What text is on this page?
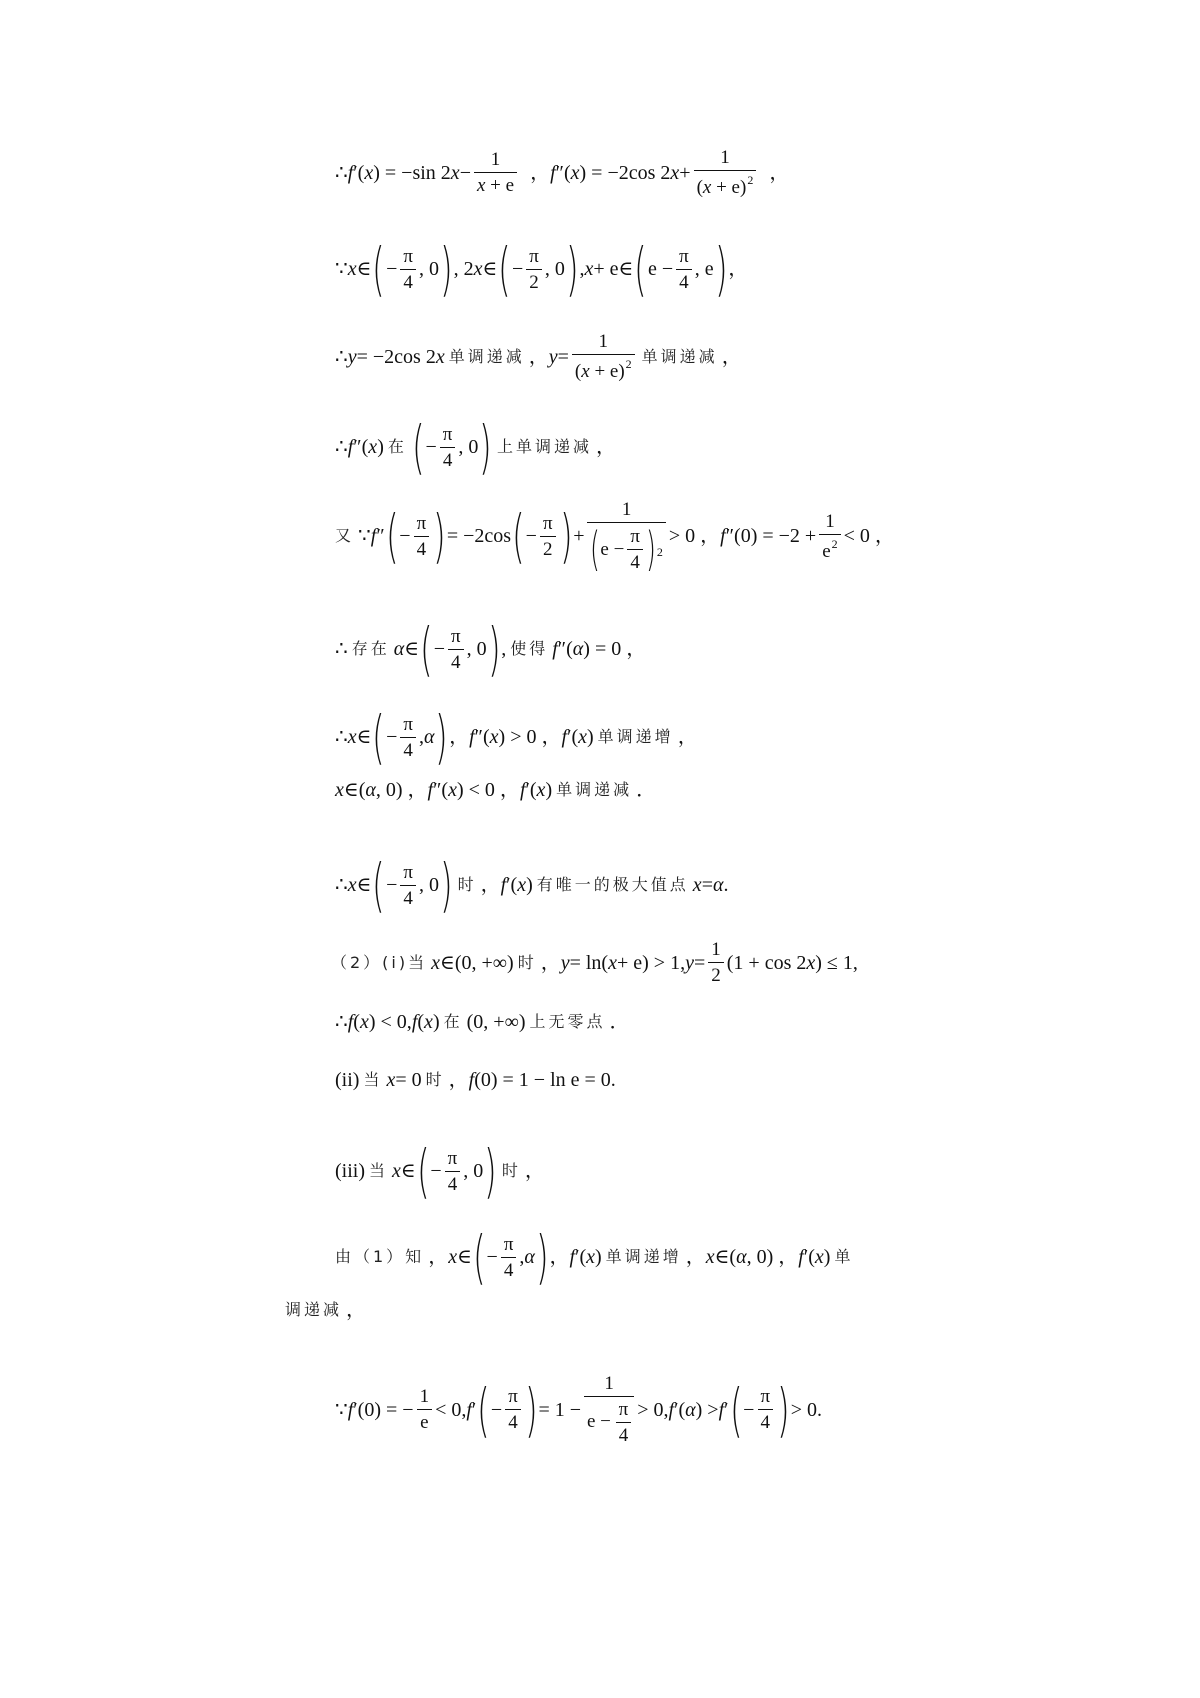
∴ f ′( x ) = −sin 2 $x - \frac{1}{x + e}$ ， f ″( x ) = −2cos 2 $x + \frac{1}{(x + e)^2}$ ，
∵ x ∈ ( − $\frac{\pi}{4}$ , 0 ) , 2 x ∈ ( − $\frac{\pi}{2}$ , 0 ) , x + e∈ ( $e - \frac{\pi}{4}$ , e ) ，
∴ y = −2cos 2 x 单调递减 ， $y = \frac{1}{(x + e)^2}$ 单调递减 ，
∴ f ″( x ) 在 ( − $\frac{\pi}{4}$ , 0 ) 上单调递减 ，
又 ∵ f ″ ( − $\frac{\pi}{4}$ ) = −2cos ( − $\frac{\pi}{2}$ ) + $\frac{1}{( e - \frac{\pi}{4} ) ^2} > 0$ ， f $''(0) = -2 + \frac{1}{e^2} < 0$ ，
∴ 存在 α ∈ ( − $\frac{\pi}{4}$ , 0 ) , 使得 f ″( α ) = 0 ，
∴ x ∈ ( − $\frac{\pi}{4}$ , α ) ， f ″( x ) > 0 ， f ′( x ) 单调递增 ，
x ∈( α , 0) ， f ″( x ) < 0 ， f ′( x ) 单调递减 ．
∴ x ∈ ( − $\frac{\pi}{4}$ , 0 ) 时 ， f ′( x ) 有唯一的极大值点 x = α .
（2）(ⅰ)当 x ∈(0, +∞) 时 ， y = ln( x + e) > 1, $y = \frac{1}{2} (1 + \cos 2$ x ) ≤ 1,
∴ f ( x ) < 0, f ( x ) 在 (0, +∞) 上无零点 ．
(ii) 当 x = 0 时 ， f (0) = 1 − ln e = 0.
(iii) 当 x ∈ ( − $\frac{\pi}{4}$ , 0 ) 时 ，
由（1）知 ， x ∈ ( − $\frac{\pi}{4}$ , α ) ， f ′( x ) 单调递增 ， x ∈( α , 0) ， f ′( x ) 单
调递减 ，
∵ f ′(0) = − $\frac{1}{e} < 0$, f ′ ( − $\frac{\pi}{4}$ ) = $1 - \frac{1}{e - \frac{\pi}{4}} > 0$, f ′( α ) > f ′ ( − $\frac{\pi}{4}$ ) > 0.
